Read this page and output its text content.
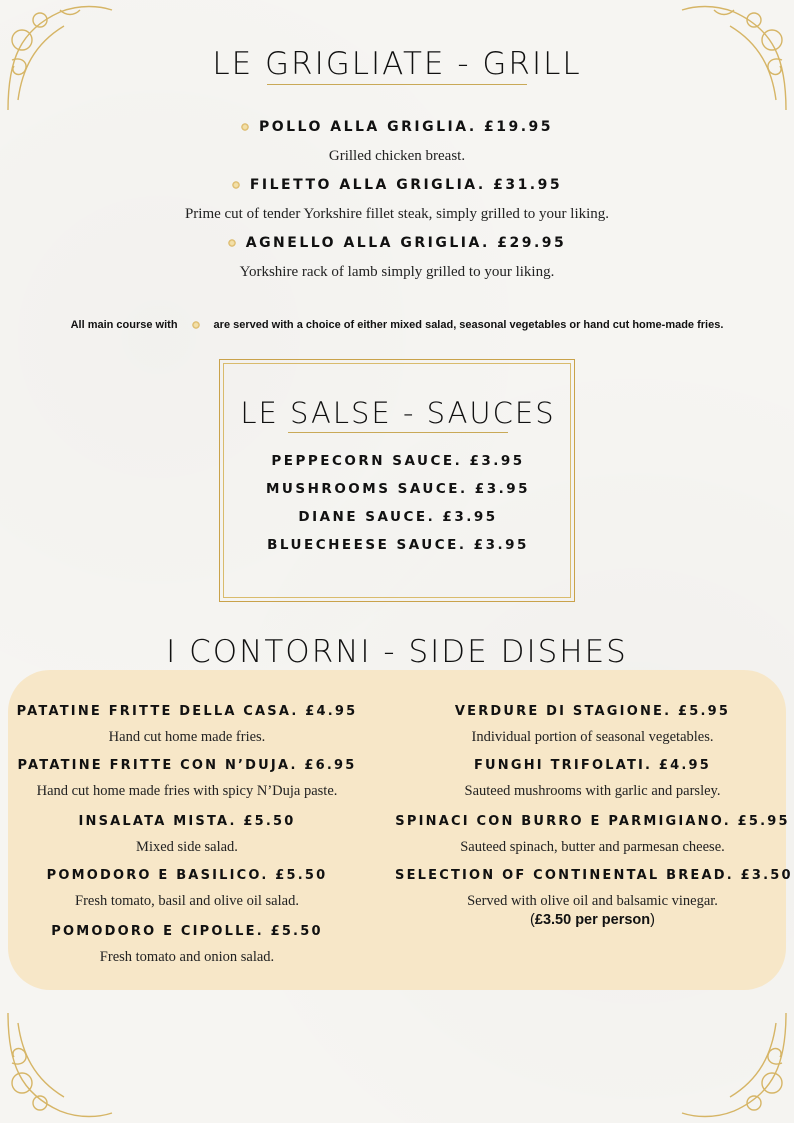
LE GRIGLIATE - GRILL
POLLO ALLA GRIGLIA. £19.95
Grilled chicken breast.
FILETTO ALLA GRIGLIA. £31.95
Prime cut of tender Yorkshire fillet steak, simply grilled to your liking.
AGNELLO ALLA GRIGLIA. £29.95
Yorkshire rack of lamb simply grilled to your liking.
All main course with	are served with a choice of either mixed salad, seasonal vegetables or hand cut home-made fries.
LE SALSE - SAUCES
PEPPECORN SAUCE. £3.95
MUSHROOMS SAUCE. £3.95
DIANE SAUCE. £3.95
BLUECHEESE SAUCE. £3.95
I CONTORNI - SIDE DISHES
PATATINE FRITTE DELLA CASA. £4.95
Hand cut home made fries.
PATATINE FRITTE CON N’DUJA. £6.95
Hand cut home made fries with spicy N’Duja paste.
INSALATA MISTA. £5.50
Mixed side salad.
POMODORO E BASILICO. £5.50
Fresh tomato, basil and olive oil salad.
POMODORO E CIPOLLE. £5.50
Fresh tomato and onion salad.
VERDURE DI STAGIONE. £5.95
Individual portion of seasonal vegetables.
FUNGHI TRIFOLATI. £4.95
Sauteed mushrooms with garlic and parsley.
SPINACI CON BURRO E PARMIGIANO. £5.95
Sauteed spinach, butter and parmesan cheese.
SELECTION OF CONTINENTAL BREAD. £3.50
Served with olive oil and balsamic vinegar.
(£3.50 per person)
